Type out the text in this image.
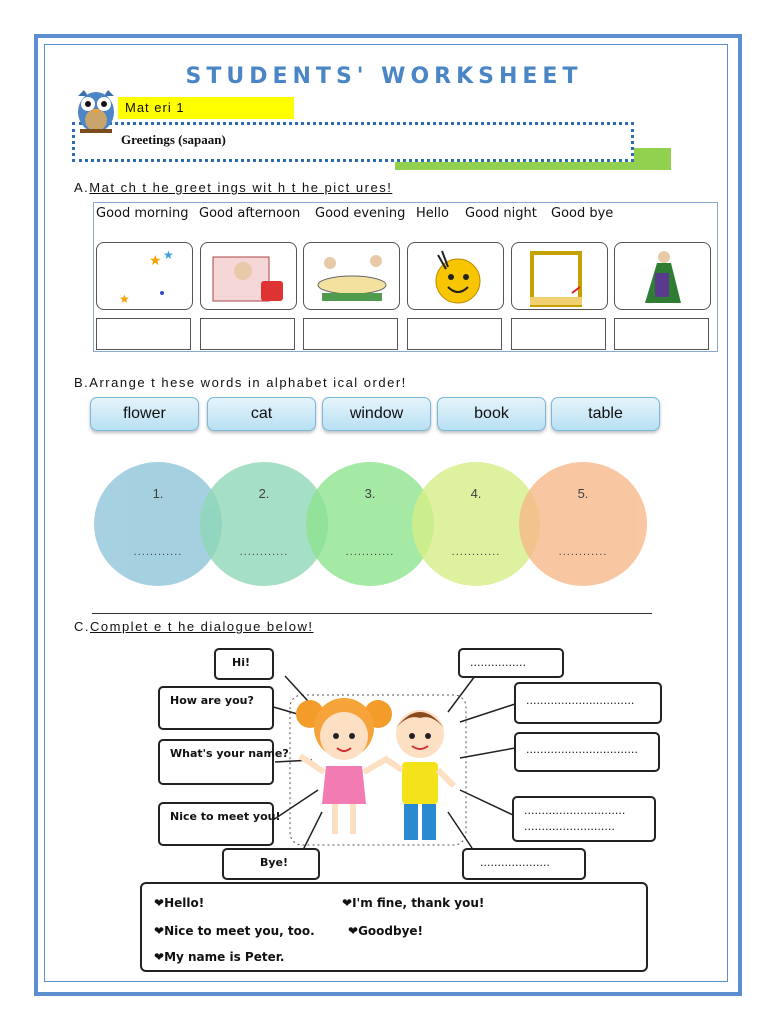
STUDENTS' WORKSHEET
Mat eri 1
Greetings (sapaan)
A.Mat ch t he greet ings wit h t he pict ures!
Good morning Good afternoon Good evening Hello Good night Good bye
★ ★
★
B.Arrange t hese words in alphabet ical order!
flower	cat	window	book	table
1.
............
2.
............
3.
............
4.
............
5.
............
C.Complet e t he dialogue below!
Hi!
How are you?
What's your name?
Nice to meet you!
Bye!
................
...............................
................................
.............................
..........................
....................
❤Hello!	❤I'm fine, thank you!
❤Nice to meet you, too.	❤Goodbye!
❤My name is Peter.
